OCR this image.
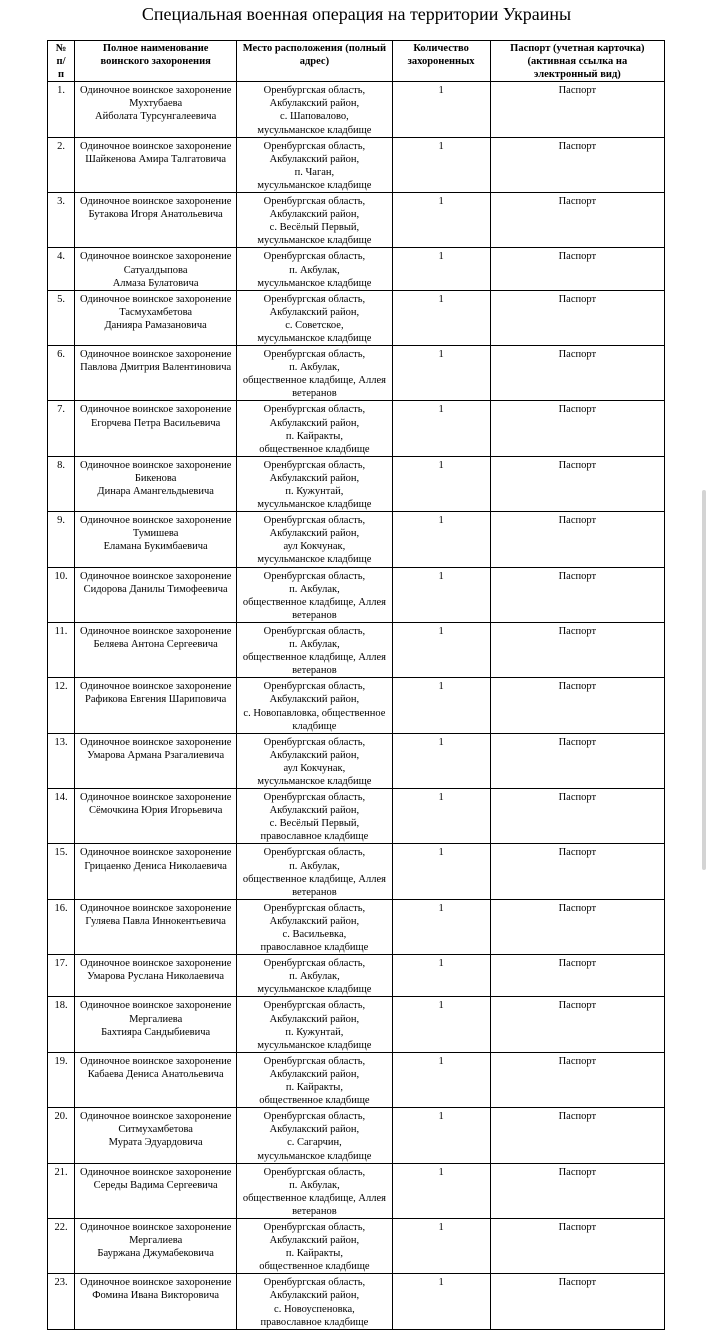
Специальная военная операция на территории Украины
№ п/
п	Полное наименование
воинского захоронения	Место расположения (полный
адрес)	Количество
захороненных	Паспорт (учетная карточка)
(активная ссылка на
электронный вид)

1.	Одиночное воинское захоронение
Мухтубаева
Айболата Турсунгалеевича	Оренбургская область,
Акбулакский район,
с. Шаповалово,
мусульманское кладбище	1	Паспорт
2.	Одиночное воинское захоронение
Шайкенова Амира Талгатовича	Оренбургская область,
Акбулакский район,
п. Чаган,
мусульманское кладбище	1	Паспорт
3.	Одиночное воинское захоронение
Бутакова Игоря Анатольевича	Оренбургская область,
Акбулакский район,
с. Весёлый Первый,
мусульманское кладбище	1	Паспорт
4.	Одиночное воинское захоронение
Сатуалдыпова
Алмаза Булатовича	Оренбургская область,
п. Акбулак,
мусульманское кладбище	1	Паспорт
5.	Одиночное воинское захоронение
Тасмухамбетова
Данияра Рамазановича	Оренбургская область,
Акбулакский район,
с. Советское,
мусульманское кладбище	1	Паспорт
6.	Одиночное воинское захоронение
Павлова Дмитрия Валентиновича	Оренбургская область,
п. Акбулак,
общественное кладбище, Аллея
ветеранов	1	Паспорт
7.	Одиночное воинское захоронение
Егорчева Петра Васильевича	Оренбургская область,
Акбулакский район,
п. Кайракты,
общественное кладбище	1	Паспорт
8.	Одиночное воинское захоронение
Бикенова
Динара Амангельдыевича	Оренбургская область,
Акбулакский район,
п. Кужунтай,
мусульманское кладбище	1	Паспорт
9.	Одиночное воинское захоронение
Тумишева
Еламана Букимбаевича	Оренбургская область,
Акбулакский район,
аул Кокчунак,
мусульманское кладбище	1	Паспорт
10.	Одиночное воинское захоронение
Сидорова Данилы Тимофеевича	Оренбургская область,
п. Акбулак,
общественное кладбище, Аллея
ветеранов	1	Паспорт
11.	Одиночное воинское захоронение
Беляева Антона Сергеевича	Оренбургская область,
п. Акбулак,
общественное кладбище, Аллея
ветеранов	1	Паспорт
12.	Одиночное воинское захоронение
Рафикова Евгения Шариповича	Оренбургская область,
Акбулакский район,
с. Новопавловка, общественное
кладбище	1	Паспорт
13.	Одиночное воинское захоронение
Умарова Армана Рзагалиевича	Оренбургская область,
Акбулакский район,
аул Кокчунак,
мусульманское кладбище	1	Паспорт
14.	Одиночное воинское захоронение
Сёмочкина Юрия Игорьевича	Оренбургская область,
Акбулакский район,
с. Весёлый Первый,
православное кладбище	1	Паспорт
15.	Одиночное воинское захоронение
Грицаенко Дениса Николаевича	Оренбургская область,
п. Акбулак,
общественное кладбище, Аллея
ветеранов	1	Паспорт
16.	Одиночное воинское захоронение
Гуляева Павла Иннокентьевича	Оренбургская область,
Акбулакский район,
с. Васильевка,
православное кладбище	1	Паспорт
17.	Одиночное воинское захоронение
Умарова Руслана Николаевича	Оренбургская область,
п. Акбулак,
мусульманское кладбище	1	Паспорт
18.	Одиночное воинское захоронение
Мергалиева
Бахтияра Сандыбиевича	Оренбургская область,
Акбулакский район,
п. Кужунтай,
мусульманское кладбище	1	Паспорт
19.	Одиночное воинское захоронение
Кабаева Дениса Анатольевича	Оренбургская область,
Акбулакский район,
п. Кайракты,
общественное кладбище	1	Паспорт
20.	Одиночное воинское захоронение
Ситмухамбетова
Мурата Эдуардовича	Оренбургская область,
Акбулакский район,
с. Сагарчин,
мусульманское кладбище	1	Паспорт
21.	Одиночное воинское захоронение
Середы Вадима Сергеевича	Оренбургская область,
п. Акбулак,
общественное кладбище, Аллея
ветеранов	1	Паспорт
22.	Одиночное воинское захоронение
Мергалиева
Бауржана Джумабековича	Оренбургская область,
Акбулакский район,
п. Кайракты,
общественное кладбище	1	Паспорт
23.	Одиночное воинское захоронение
Фомина Ивана Викторовича	Оренбургская область,
Акбулакский район,
с. Новоуспеновка,
православное кладбище	1	Паспорт
